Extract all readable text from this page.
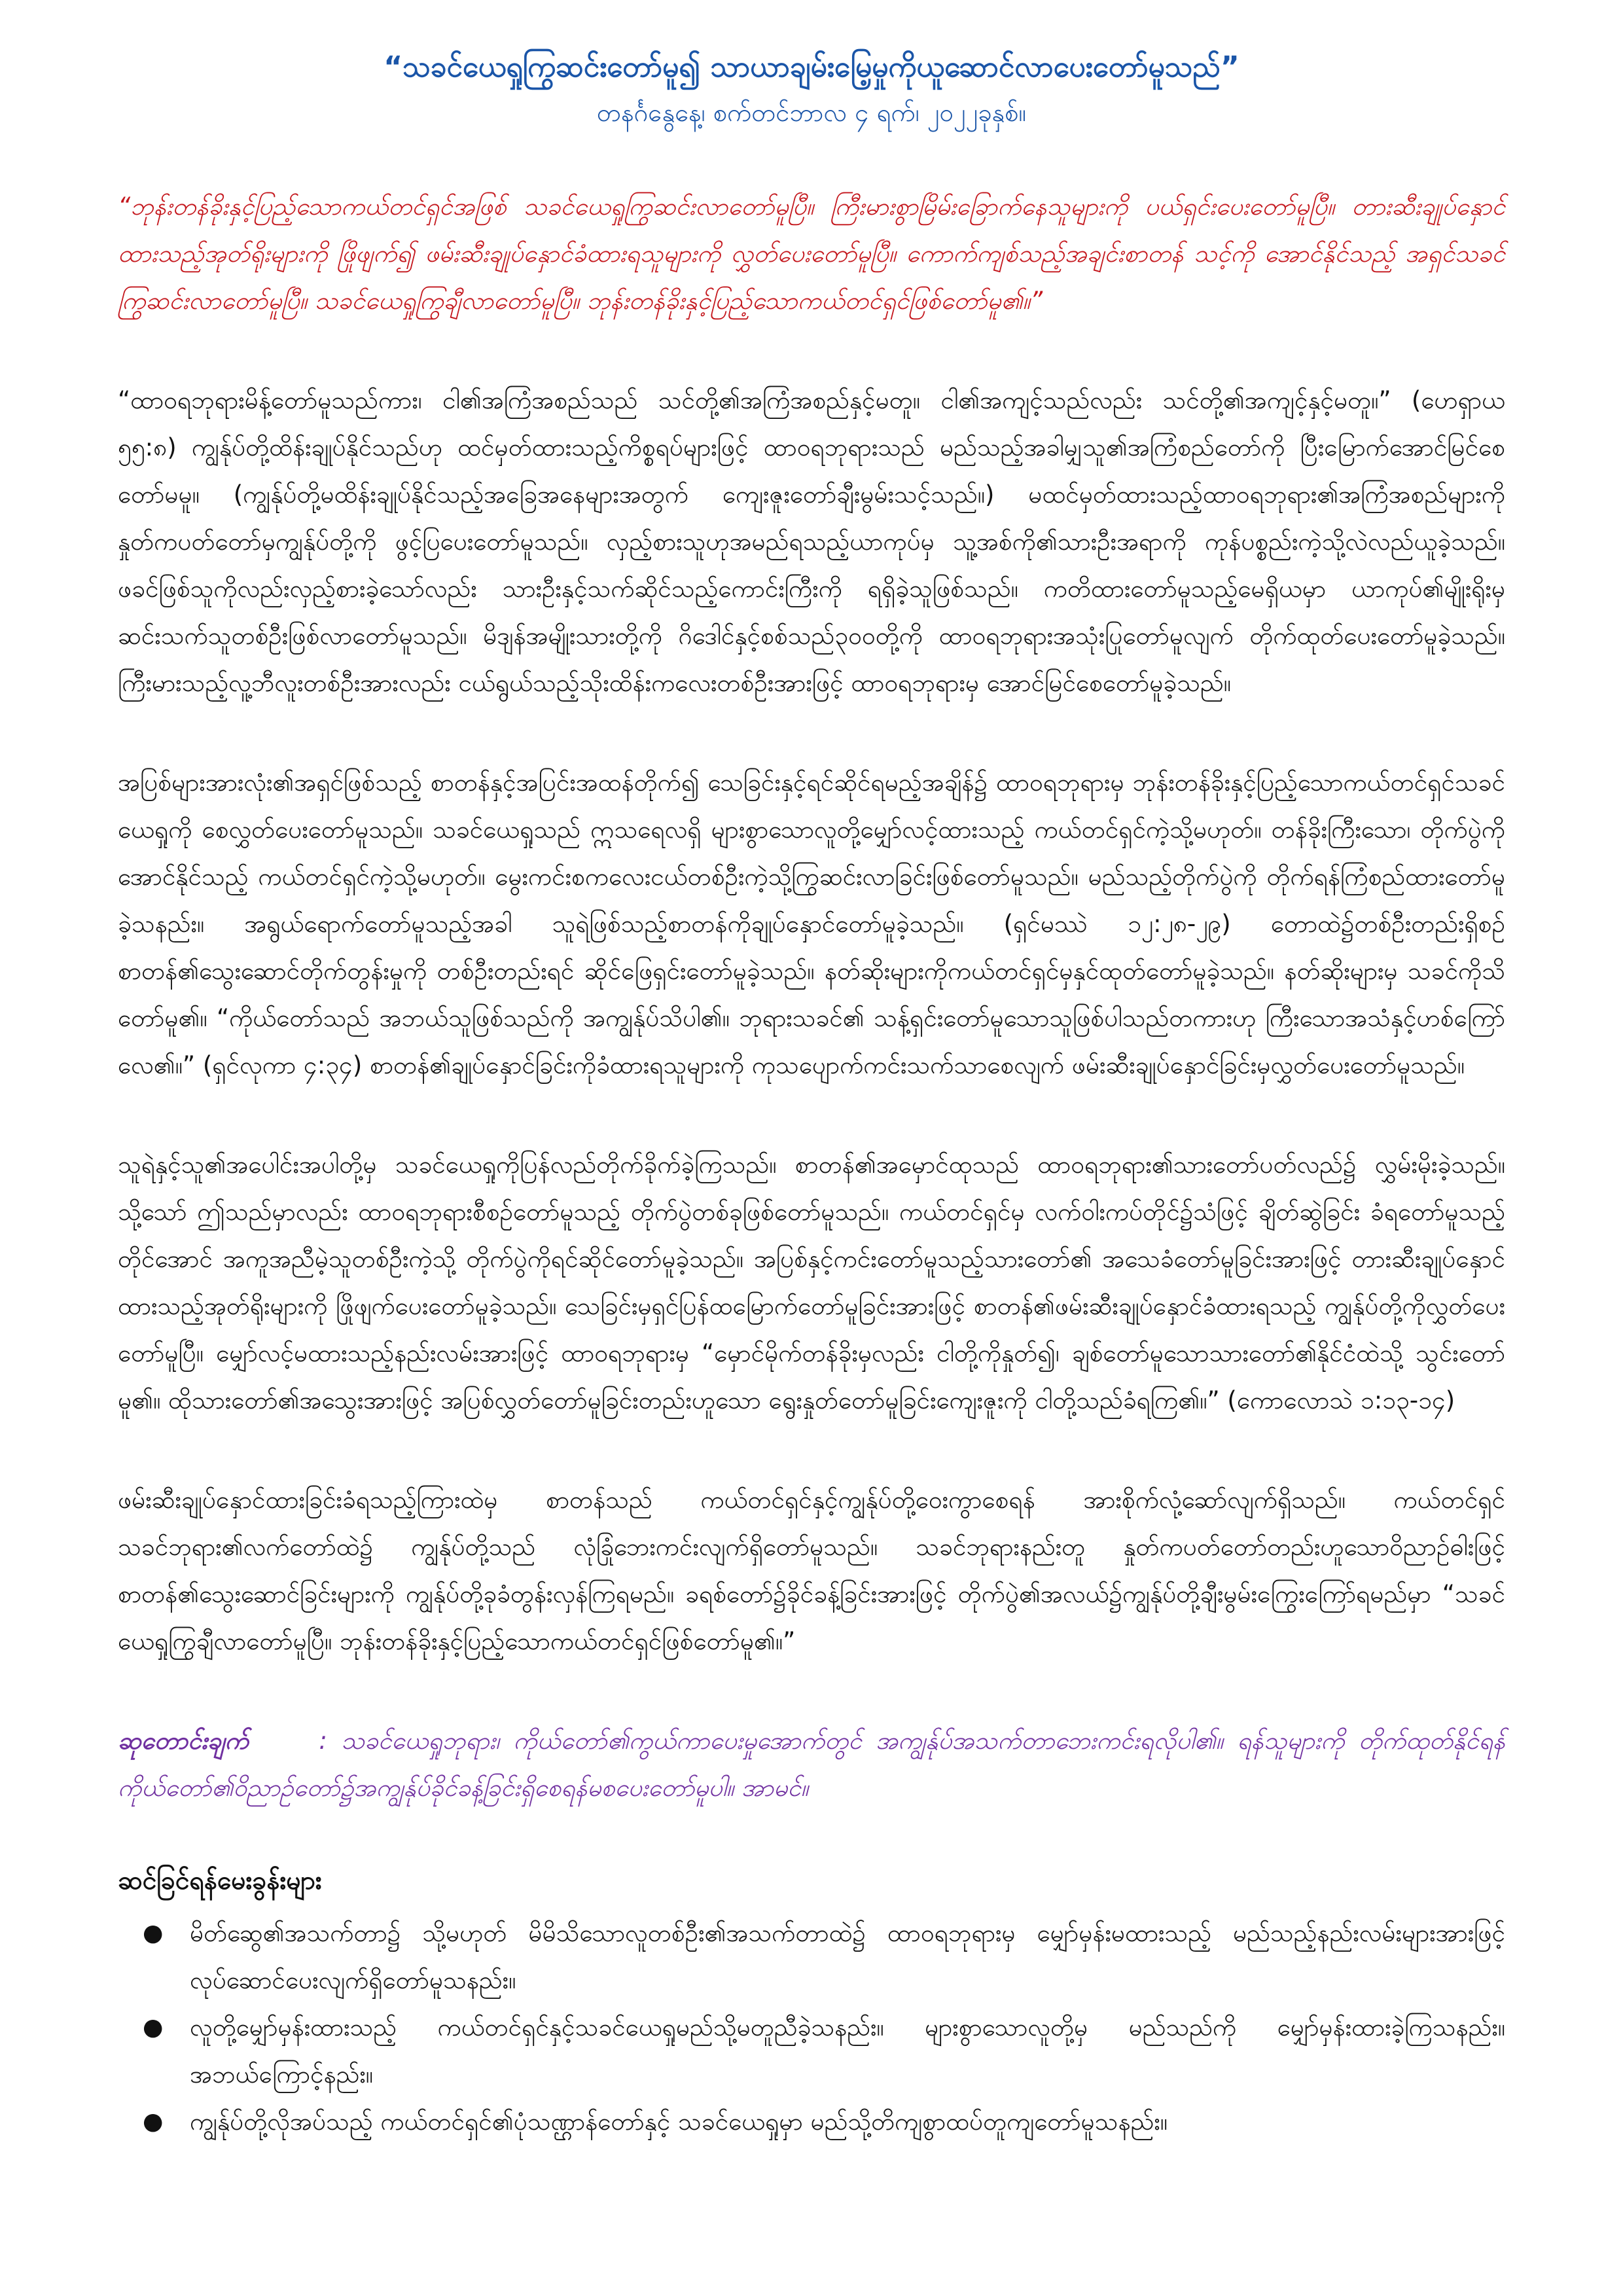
“သခင်ယေရှုကြွဆင်းတော်မူ၍ သာယာချမ်းမြေ့မှုကိုယူဆောင်လာပေးတော်မူသည်”

တနင်္ဂနွေနေ့၊ စက်တင်ဘာလ ၄ ရက်၊ ၂၀၂၂ခုနှစ်။

“ဘုန်းတန်ခိုးနှင့်ပြည့်သောကယ်တင်ရှင်အဖြစ် သခင်ယေရှုကြွဆင်းလာတော်မူပြီ။ ကြီးမားစွာမြိမ်းခြောက်နေသူများကို ပယ်ရှင်းပေးတော်မူပြီ။ တားဆီးချုပ်နှောင်ထားသည့်အုတ်ရိုးများကို ဖြိုဖျက်၍ ဖမ်းဆီးချုပ်နှောင်ခံထားရသူများကို လွှတ်ပေးတော်မူပြီ။ ကောက်ကျစ်သည့်အချင်းစာတန် သင့်ကို အောင်နိုင်သည့် အရှင်သခင်ကြွဆင်းလာတော်မူပြီ။ သခင်ယေရှုကြွချီလာတော်မူပြီ။ ဘုန်းတန်ခိုးနှင့်ပြည့်သောကယ်တင်ရှင်ဖြစ်တော်မူ၏။”

“ထာဝရဘုရားမိန့်တော်မူသည်ကား၊ ငါ၏အကြံအစည်သည် သင်တို့၏အကြံအစည်နှင့်မတူ။ ငါ၏အကျင့်သည်လည်း သင်တို့၏အကျင့်နှင့်မတူ။” (ဟေရှာယ ၅၅:၈) ကျွန်ုပ်တို့ထိန်းချုပ်နိုင်သည်ဟု ထင်မှတ်ထားသည့်ကိစ္စရပ်များဖြင့် ထာဝရဘုရားသည် မည်သည့်အခါမျှသူ၏အကြံစည်တော်ကို ပြီးမြောက်အောင်မြင်စေတော်မမူ။ (ကျွန်ုပ်တို့မထိန်းချုပ်နိုင်သည့်အခြေအနေများအတွက် ကျေးဇူးတော်ချီးမွမ်းသင့်သည်။) မထင်မှတ်ထားသည့်ထာဝရဘုရား၏အကြံအစည်များကို နှုတ်ကပတ်တော်မှကျွန်ုပ်တို့ကို ဖွင့်ပြပေးတော်မူသည်။ လှည့်စားသူဟုအမည်ရသည့်ယာကုပ်မှ သူ့အစ်ကို၏သားဦးအရာကို ကုန်ပစ္စည်းကဲ့သို့လဲလည်ယူခဲ့သည်။ ဖခင်ဖြစ်သူကိုလည်းလှည့်စားခဲ့သော်လည်း သားဦးနှင့်သက်ဆိုင်သည့်ကောင်းကြီးကို ရရှိခဲ့သူဖြစ်သည်။ ကတိထားတော်မူသည့်မေရှိယမှာ ယာကုပ်၏မျိုးရိုးမှ ဆင်းသက်သူတစ်ဦးဖြစ်လာတော်မူသည်။ မိဒျန်အမျိုးသားတို့ကို ဂိဒေါင်နှင့်စစ်သည်၃၀၀တို့ကို ထာဝရဘုရားအသုံးပြုတော်မူလျက် တိုက်ထုတ်ပေးတော်မူခဲ့သည်။ ကြီးမားသည့်လူ့ဘီလူးတစ်ဦးအားလည်း ငယ်ရွယ်သည့်သိုးထိန်းကလေးတစ်ဦးအားဖြင့် ထာဝရဘုရားမှ အောင်မြင်စေတော်မူခဲ့သည်။

အပြစ်များအားလုံး၏အရှင်ဖြစ်သည့် စာတန်နှင့်အပြင်းအထန်တိုက်၍ သေခြင်းနှင့်ရင်ဆိုင်ရမည့်အချိန်၌ ထာဝရဘုရားမှ ဘုန်းတန်ခိုးနှင့်ပြည့်သောကယ်တင်ရှင်သခင်ယေရှုကို စေလွှတ်ပေးတော်မူသည်။ သခင်ယေရှုသည် ဣသရေလရှိ များစွာသောလူတို့မျှော်လင့်ထားသည့် ကယ်တင်ရှင်ကဲ့သို့မဟုတ်။ တန်ခိုးကြီးသော၊ တိုက်ပွဲကိုအောင်နိုင်သည့် ကယ်တင်ရှင်ကဲ့သို့မဟုတ်။ မွေးကင်းစကလေးငယ်တစ်ဦးကဲ့သို့ကြွဆင်းလာခြင်းဖြစ်တော်မူသည်။ မည်သည့်တိုက်ပွဲကို တိုက်ရန်ကြံစည်ထားတော်မူခဲ့သနည်း။ အရွယ်ရောက်တော်မူသည့်အခါ သူရဲဖြစ်သည့်စာတန်ကိုချုပ်နှောင်တော်မူခဲ့သည်။ (ရှင်မဿဲ ၁၂:၂၈-၂၉) တောထဲ၌တစ်ဦးတည်းရှိစဉ် စာတန်၏သွေးဆောင်တိုက်တွန်းမှုကို တစ်ဦးတည်းရင် ဆိုင်ဖြေရှင်းတော်မူခဲ့သည်။ နတ်ဆိုးများကိုကယ်တင်ရှင်မှနှင်ထုတ်တော်မူခဲ့သည်။ နတ်ဆိုးများမှ သခင်ကိုသိတော်မူ၏။ “ကိုယ်တော်သည် အဘယ်သူဖြစ်သည်ကို အကျွန်ုပ်သိပါ၏။ ဘုရားသခင်၏ သန့်ရှင်းတော်မူသောသူဖြစ်ပါသည်တကားဟု ကြီးသောအသံနှင့်ဟစ်ကြော်လေ၏။” (ရှင်လုကာ ၄:၃၄) စာတန်၏ချုပ်နှောင်ခြင်းကိုခံထားရသူများကို ကုသပျောက်ကင်းသက်သာစေလျက် ဖမ်းဆီးချုပ်နှောင်ခြင်းမှလွှတ်ပေးတော်မူသည်။

သူရဲနှင့်သူ၏အပေါင်းအပါတို့မှ သခင်ယေရှုကိုပြန်လည်တိုက်ခိုက်ခဲ့ကြသည်။ စာတန်၏အမှောင်ထုသည် ထာဝရဘုရား၏သားတော်ပတ်လည်၌ လွှမ်းမိုးခဲ့သည်။ သို့သော် ဤသည်မှာလည်း ထာဝရဘုရားစီစဉ်တော်မူသည့် တိုက်ပွဲတစ်ခုဖြစ်တော်မူသည်။ ကယ်တင်ရှင်မှ လက်ဝါးကပ်တိုင်၌သံဖြင့် ချိတ်ဆွဲခြင်း ခံရတော်မူသည့်တိုင်အောင် အကူအညီမဲ့သူတစ်ဦးကဲ့သို့ တိုက်ပွဲကိုရင်ဆိုင်တော်မူခဲ့သည်။ အပြစ်နှင့်ကင်းတော်မူသည့်သားတော်၏ အသေခံတော်မူခြင်းအားဖြင့် တားဆီးချုပ်နှောင်ထားသည့်အုတ်ရိုးများကို ဖြိုဖျက်ပေးတော်မူခဲ့သည်။ သေခြင်းမှရှင်ပြန်ထမြောက်တော်မူခြင်းအားဖြင့် စာတန်၏ဖမ်းဆီးချုပ်နှောင်ခံထားရသည့် ကျွန်ုပ်တို့ကိုလွှတ်ပေးတော်မူပြီ။ မျှော်လင့်မထားသည့်နည်းလမ်းအားဖြင့် ထာဝရဘုရားမှ “မှောင်မိုက်တန်ခိုးမှလည်း ငါတို့ကိုနှုတ်၍၊ ချစ်တော်မူသောသားတော်၏နိုင်ငံထဲသို့ သွင်းတော်မူ၏။ ထိုသားတော်၏အသွေးအားဖြင့် အပြစ်လွှတ်တော်မူခြင်းတည်းဟူသော ရွေးနှုတ်တော်မူခြင်းကျေးဇူးကို ငါတို့သည်ခံရကြ၏။” (ကောလောသဲ ၁:၁၃-၁၄)

ဖမ်းဆီးချုပ်နှောင်ထားခြင်းခံရသည့်ကြားထဲမှ စာတန်သည် ကယ်တင်ရှင်နှင့်ကျွန်ုပ်တို့ဝေးကွာစေရန် အားစိုက်လုံ့ဆော်လျက်ရှိသည်။ ကယ်တင်ရှင်သခင်ဘုရား၏လက်တော်ထဲ၌ ကျွန်ုပ်တို့သည် လုံခြုံဘေးကင်းလျက်ရှိတော်မူသည်။ သခင်ဘုရားနည်းတူ နှုတ်ကပတ်တော်တည်းဟူသောဝိညာဉ်ဓါးဖြင့် စာတန်၏သွေးဆောင်ခြင်းများကို ကျွန်ုပ်တို့ခုခံတွန်းလှန်ကြရမည်။ ခရစ်တော်၌ခိုင်ခန့်ခြင်းအားဖြင့် တိုက်ပွဲ၏အလယ်၌ကျွန်ုပ်တို့ချီးမွမ်းကြွေးကြော်ရမည်မှာ “သခင်ယေရှုကြွချီလာတော်မူပြီ။ ဘုန်းတန်ခိုးနှင့်ပြည့်သောကယ်တင်ရှင်ဖြစ်တော်မူ၏။”

ဆုတောင်းချက်	: သခင်ယေရှုဘုရား၊ ကိုယ်တော်၏ကွယ်ကာပေးမှုအောက်တွင် အကျွန်ုပ်အသက်တာဘေးကင်းရလိုပါ၏။ ရန်သူများကို တိုက်ထုတ်နိုင်ရန် ကိုယ်တော်၏ဝိညာဉ်တော်၌အကျွန်ုပ်ခိုင်ခန့်ခြင်းရှိစေရန်မစပေးတော်မူပါ။ အာမင်။

ဆင်ခြင်ရန်မေးခွန်းများ
● မိတ်ဆွေ၏အသက်တာ၌ သို့မဟုတ် မိမိသိသောလူတစ်ဦး၏အသက်တာထဲ၌ ထာဝရဘုရားမှ မျှော်မှန်းမထားသည့် မည်သည့်နည်းလမ်းများအားဖြင့် လုပ်ဆောင်ပေးလျက်ရှိတော်မူသနည်း။
● လူတို့မျှော်မှန်းထားသည့် ကယ်တင်ရှင်နှင့်သခင်ယေရှုမည်သို့မတူညီခဲ့သနည်း။ များစွာသောလူတို့မှ မည်သည်ကို မျှော်မှန်းထားခဲ့ကြသနည်း။ အဘယ်ကြောင့်နည်း။
● ကျွန်ုပ်တို့လိုအပ်သည့် ကယ်တင်ရှင်၏ပုံသဏ္ဌာန်တော်နှင့် သခင်ယေရှုမှာ မည်သို့တိကျစွာထပ်တူကျတော်မူသနည်း။
